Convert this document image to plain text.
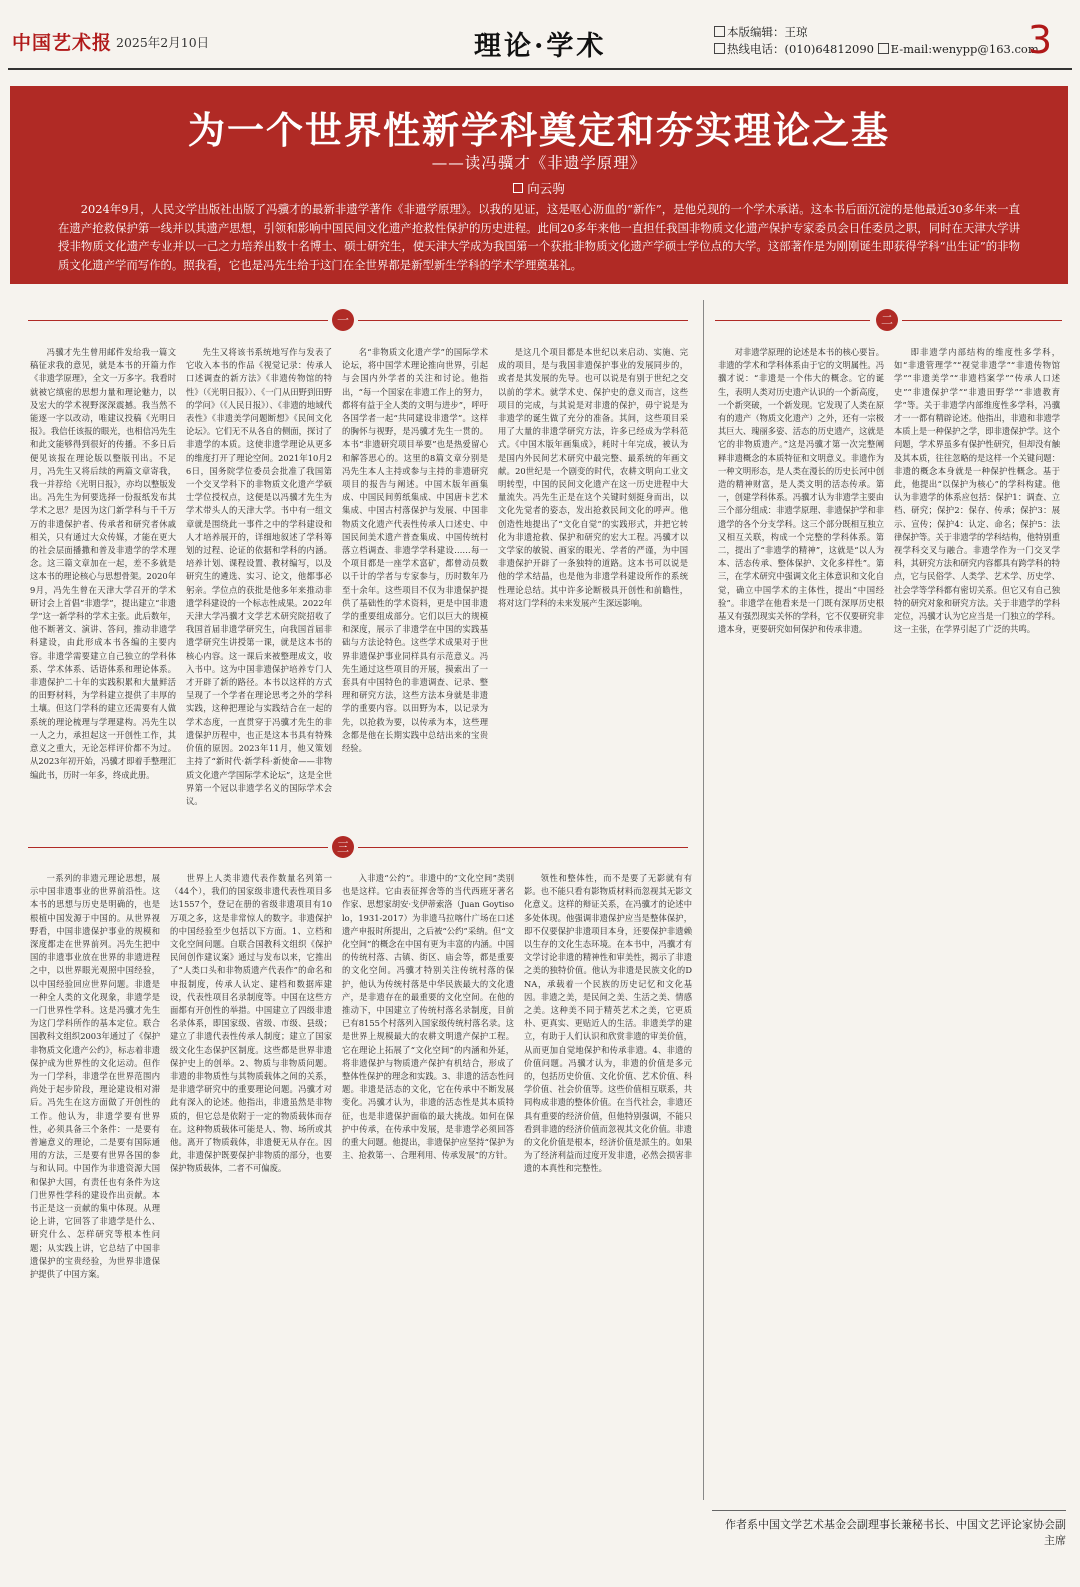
中国艺术报 2025年2月10日	理论·学术	本版编辑：王琼
热线电话：(010)64812090 E-mail:wenypp@163.com
3
为一个世界性新学科奠定和夯实理论之基
——读冯骥才《非遗学原理》
向云驹
2024年9月，人民文学出版社出版了冯骥才的最新非遗学著作《非遗学原理》。以我的见证，这是呕心沥血的“新作”，是他兑现的一个学术承诺。这本书后面沉淀的是他最近30多年来一直在遗产抢救保护第一线并以其遗产思想，引领和影响中国民间文化遗产抢救性保护的历史进程。此间20多年来他一直担任我国非物质文化遗产保护专家委员会日任委员之职，同时在天津大学讲授非物质文化遗产专业并以一己之力培养出数十名博士、硕士研究生，使天津大学成为我国第一个获批非物质文化遗产学硕士学位点的大学。这部著作是为刚刚诞生即获得学科“出生证”的非物质文化遗产学而写作的。照我看，它也是冯先生给于这门在全世界都是新型新生学科的学术学理奠基礼。
一	二
三
冯骥才先生曾用邮件发给我一篇文稿征求我的意见，就是本书的开篇力作《非遗学原理》，全文一万多字。我看时就被它缜密的思想力量和理论魅力，以及宏大的学术视野深深震撼。我当然不能逐一字以改动，唯建议投稿《光明日报》。我信任该报的眼光，也相信冯先生和此文能够得到很好的传播。不多日后便见该报在理论版以整版刊出。不足月，冯先生又将后续的两篇文章寄我，我一并荐给《光明日报》，亦均以整版发出。冯先生为何要选择一份报纸发布其学术之思？是因为这门新学科与千千万万的非遗保护者、传承者和研究者休戚相关，只有通过大众传媒，才能在更大的社会层面播撒和普及非遗学的学术理念。这三篇文章加在一起，差不多就是这本书的理论核心与思想骨架。2020年9月，冯先生曾在天津大学召开的学术研讨会上首倡“非遗学”，提出建立“非遗学”这一新学科的学术主张。此后数年，他不断著文、演讲、答问，推动非遗学科建设，由此形成本书各编的主要内容。非遗学需要建立自己独立的学科体系、学术体系、话语体系和理论体系。非遗保护二十年的实践积累和大量鲜活的田野材料，为学科建立提供了丰厚的土壤。但这门学科的建立还需要有人做系统的理论梳理与学理建构。冯先生以一人之力，承担起这一开创性工作，其意义之重大，无论怎样评价都不为过。从2023年初开始，冯骥才即着手整理汇编此书，历时一年多，终成此册。
先生又将该书系统地写作与发表了它收入本书的作品《视觉记录：传承人口述调查的新方法》《非遗传物馆的特性》（《光明日报》）、《一门从田野到田野的学问》（《人民日报》）、《非遗的地域代表性》《非遗美学问题断想》《民间文化论坛》。它们无不从各自的侧面，探讨了非遗学的本质。这使非遗学理论从更多的维度打开了理论空间。2021年10月26日，国务院学位委员会批准了我国第一个交叉学科下的非物质文化遗产学硕士学位授权点，这便是以冯骥才先生为学术带头人的天津大学。书中有一组文章就是围绕此一事件之中的学科建设和人才培养展开的，详细地叙述了学科筹划的过程、论证的依据和学科的内涵。培养计划、课程设置、教材编写，以及研究生的遴选、实习、论文，他都事必躬亲。学位点的获批是他多年来推动非遗学科建设的一个标志性成果。2022年天津大学冯骥才文学艺术研究院招收了我国首届非遗学研究生，向我国首届非遗学研究生讲授第一课，就是这本书的核心内容。这一课后来被整理成文，收入书中。这为中国非遗保护培养专门人才开辟了新的路径。本书以这样的方式呈现了一个学者在理论思考之外的学科实践，这种把理论与实践结合在一起的学术态度，一直贯穿于冯骥才先生的非遗保护历程中，也正是这本书具有特殊价值的原因。2023年11月，他又策划主持了“新时代·新学科·新使命——非物质文化遗产学国际学术论坛”，这是全世界第一个冠以非遗学名义的国际学术会议。
名“非物质文化遗产学”的国际学术论坛，将中国学术理论推向世界，引起与会国内外学者的关注和讨论。他指出，“每一个国家在非遗工作上的努力，都将有益于全人类的文明与进步”，呼吁各国学者一起“共同建设非遗学”。这样的胸怀与视野，是冯骥才先生一贯的。本书“非遗研究项目举要”也是热爱留心和解答思心的。这里的8篇文章分别是冯先生本人主持或参与主持的非遗研究项目的报告与阐述。中国木版年画集成、中国民间剪纸集成、中国唐卡艺术集成、中国古村落保护与发展、中国非物质文化遗产代表性传承人口述史、中国民间美术遗产普查集成、中国传统村落立档调查、非遗学学科建设……每一个项目都是一座学术富矿，都曾动员数以千计的学者与专家参与，历时数年乃至十余年。这些项目不仅为非遗保护提供了基础性的学术资料，更是中国非遗学的重要组成部分。它们以巨大的规模和深度，展示了非遗学在中国的实践基础与方法论特色。这些学术成果对于世界非遗保护事业同样具有示范意义。冯先生通过这些项目的开展，摸索出了一套具有中国特色的非遗调查、记录、整理和研究方法，这些方法本身就是非遗学的重要内容。以田野为本，以记录为先，以抢救为要，以传承为本，这些理念都是他在长期实践中总结出来的宝贵经验。
是这几个项目都是本世纪以来启动、实施、完成的项目，是与我国非遗保护事业的发展同步的，或者是其发展的先导。也可以说是有别于世纪之交以前的学术。就学术史、保护史的意义而言，这些项目的完成，与其说是对非遗的保护，毋宁说是为非遗学的诞生做了充分的准备。其间，这些项目采用了大量的非遗学研究方法，许多已经成为学科范式。《中国木版年画集成》，耗时十年完成，被认为是国内外民间艺术研究中最完整、最系统的年画文献。20世纪是一个剧变的时代，农耕文明向工业文明转型，中国的民间文化遗产在这一历史进程中大量流失。冯先生正是在这个关键时刻挺身而出，以文化先觉者的姿态，发出抢救民间文化的呼声。他创造性地提出了“文化自觉”的实践形式，并把它转化为非遗抢救、保护和研究的宏大工程。冯骥才以文学家的敏锐、画家的眼光、学者的严谨，为中国非遗保护开辟了一条独特的道路。这本书可以说是他的学术结晶，也是他为非遗学科建设所作的系统性理论总结。其中许多论断极具开创性和前瞻性，将对这门学科的未来发展产生深远影响。
对非遗学原理的论述是本书的核心要旨。非遗的学术和学科体系由于它的文明属性。冯骥才说：“非遗是一个伟大的概念。它的诞生，表明人类对历史遗产认识的一个新高度，一个新突破，一个新发现。它发现了人类在原有的遗产（物质文化遗产）之外，还有一宗极其巨大、瑰丽多姿、活态的历史遗产，这就是它的非物质遗产。”这是冯骥才第一次完整阐释非遗概念的本质特征和文明意义。非遗作为一种文明形态，是人类在漫长的历史长河中创造的精神财富，是人类文明的活态传承。第一，创建学科体系。冯骥才认为非遗学主要由三个部分组成：非遗学原理、非遗保护学和非遗学的各个分支学科。这三个部分既相互独立又相互关联，构成一个完整的学科体系。第二，提出了“非遗学的精神”，这就是“以人为本、活态传承、整体保护、文化多样性”。第三，在学术研究中强调文化主体意识和文化自觉，确立中国学术的主体性，提出“中国经验”。非遗学在他看来是一门既有深厚历史根基又有强烈现实关怀的学科，它不仅要研究非遗本身，更要研究如何保护和传承非遗。
即非遗学内部结构的维度性多学科，如“非遗管理学”“视觉非遗学”“非遗传物馆学”“非遗美学”“非遗档案学”“传承人口述史”“非遗保护学”“非遗田野学”“非遗教育学”等。关于非遗学内部维度性多学科，冯骥才一一都有精辟论述。他指出，非遗和非遗学本质上是一种保护之学，即非遗保护学。这个问题，学术界虽多有保护性研究，但却没有触及其本质，往往忽略的是这样一个关键问题：非遗的概念本身就是一种保护性概念。基于此，他提出“以保护为核心”的学科构建。他认为非遗学的体系应包括：保护1：调查、立档、研究；保护2：保存、传承；保护3：展示、宣传；保护4：认定、命名；保护5：法律保护等。关于非遗学的学科结构，他特别重视学科交叉与融合。非遗学作为一门交叉学科，其研究方法和研究内容都具有跨学科的特点，它与民俗学、人类学、艺术学、历史学、社会学等学科都有密切关系。但它又有自己独特的研究对象和研究方法。关于非遗学的学科定位，冯骥才认为它应当是一门独立的学科。这一主张，在学界引起了广泛的共鸣。
一系列的非遗元理论思想，展示中国非遗事业的世界前沿性。这本书的思想与历史是明确的，也是根植中国发源于中国的。从世界视野看，中国非遗保护事业的规模和深度都走在世界前列。冯先生把中国的非遗事业放在世界的非遗进程之中，以世界眼光观照中国经验，以中国经验回应世界问题。非遗是一种全人类的文化现象，非遗学是一门世界性学科。这是冯骥才先生为这门学科所作的基本定位。联合国教科文组织2003年通过了《保护非物质文化遗产公约》，标志着非遗保护成为世界性的文化运动。但作为一门学科，非遗学在世界范围内尚处于起步阶段，理论建设相对滞后。冯先生在这方面做了开创性的工作。他认为，非遗学要有世界性，必须具备三个条件：一是要有普遍意义的理论，二是要有国际通用的方法，三是要有世界各国的参与和认同。中国作为非遗资源大国和保护大国，有责任也有条件为这门世界性学科的建设作出贡献。本书正是这一贡献的集中体现。从理论上讲，它回答了非遗学是什么、研究什么、怎样研究等根本性问题；从实践上讲，它总结了中国非遗保护的宝贵经验，为世界非遗保护提供了中国方案。
世界上人类非遗代表作数量名列第一（44个），我们的国家级非遗代表性项目多达1557个，登记在册的省级非遗项目有10万项之多，这是非常惊人的数字。非遗保护的中国经验至少包括以下方面。1、立档和文化空间问题。自联合国教科文组织《保护民间创作建议案》通过与发布以来，它推出了“人类口头和非物质遗产代表作”的命名和申报制度，传承人认定、建档和数据库建设，代表性项目名录制度等。中国在这些方面都有开创性的举措。中国建立了四级非遗名录体系，即国家级、省级、市级、县级；建立了非遗代表性传承人制度；建立了国家级文化生态保护区制度。这些都是世界非遗保护史上的创举。2、物质与非物质问题。非遗的非物质性与其物质载体之间的关系，是非遗学研究中的重要理论问题。冯骥才对此有深入的论述。他指出，非遗虽然是非物质的，但它总是依附于一定的物质载体而存在。这种物质载体可能是人、物、场所或其他。离开了物质载体，非遗便无从存在。因此，非遗保护既要保护非物质的部分，也要保护物质载体，二者不可偏废。
入非遗“公约”。非遗中的“文化空间”类别也是这样。它由表征挥舍等的当代西班牙著名作家、思想家胡安·戈伊蒂索洛（Juan Goytisolo，1931-2017）为非遗马拉喀什广场在口述遗产申报时所提出，之后被“公约”采纳。但“文化空间”的概念在中国有更为丰富的内涵。中国的传统村落、古镇、街区、庙会等，都是重要的文化空间。冯骥才特别关注传统村落的保护，他认为传统村落是中华民族最大的文化遗产，是非遗存在的最重要的文化空间。在他的推动下，中国建立了传统村落名录制度，目前已有8155个村落列入国家级传统村落名录。这是世界上规模最大的农耕文明遗产保护工程。它在理论上拓展了“文化空间”的内涵和外延，将非遗保护与物质遗产保护有机结合，形成了整体性保护的理念和实践。3、非遗的活态性问题。非遗是活态的文化，它在传承中不断发展变化。冯骥才认为，非遗的活态性是其本质特征，也是非遗保护面临的最大挑战。如何在保护中传承，在传承中发展，是非遗学必须回答的重大问题。他提出，非遗保护应坚持“保护为主、抢救第一、合理利用、传承发展”的方针。
领性和整体性，而不是要了无影就有有影。也不能只看有影物质材料而忽视其无影文化意义。这样的辩证关系，在冯骥才的论述中多处体现。他强调非遗保护应当是整体保护，即不仅要保护非遗项目本身，还要保护非遗赖以生存的文化生态环境。在本书中，冯骥才有文学讨论非遗的精神性和审美性，揭示了非遗之美的独特价值。他认为非遗是民族文化的DNA，承载着一个民族的历史记忆和文化基因。非遗之美，是民间之美、生活之美、情感之美。这种美不同于精英艺术之美，它更质朴、更真实、更贴近人的生活。非遗美学的建立，有助于人们认识和欣赏非遗的审美价值，从而更加自觉地保护和传承非遗。4、非遗的价值问题。冯骥才认为，非遗的价值是多元的，包括历史价值、文化价值、艺术价值、科学价值、社会价值等。这些价值相互联系，共同构成非遗的整体价值。在当代社会，非遗还具有重要的经济价值，但他特别强调，不能只看到非遗的经济价值而忽视其文化价值。非遗的文化价值是根本，经济价值是派生的。如果为了经济利益而过度开发非遗，必然会损害非遗的本真性和完整性。
作者系中国文学艺术基金会副理事长兼秘书长、中国文艺评论家协会副主席
